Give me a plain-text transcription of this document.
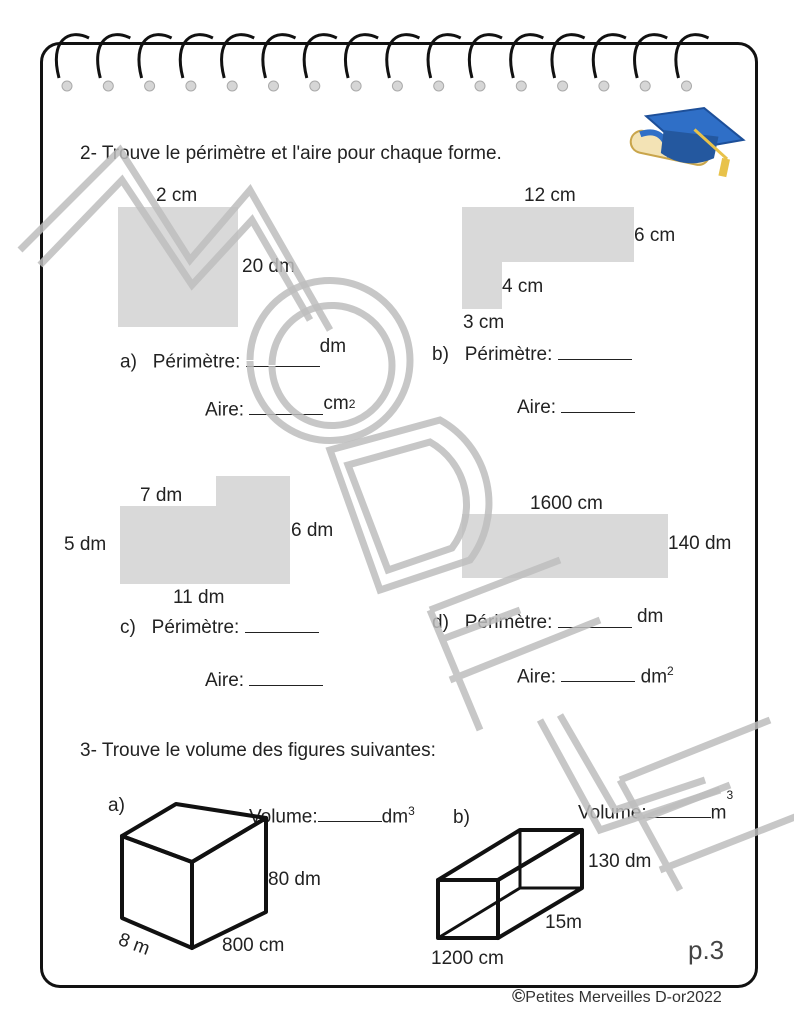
2- Trouve le périmètre et l'aire pour chaque forme.
2 cm
20 dm
a) Périmètre: $^{dm}$
Aire:	$cm^2$
12 cm
6 cm
4 cm
3 cm
b) Périmètre:
Aire:
7 dm
5 dm
6 dm
11 dm
c) Périmètre:
Aire:
1600 cm
140 dm
d) Périmètre:	dm
Aire:	$dm^2$
3- Trouve le volume des figures suivantes:
a)
Volume:	$dm^3$
80 dm
800 cm
8 m
b)	Volume:	$m^3$
130 dm
15m
1200 cm	p.3
©Petites Merveilles D-or2022
